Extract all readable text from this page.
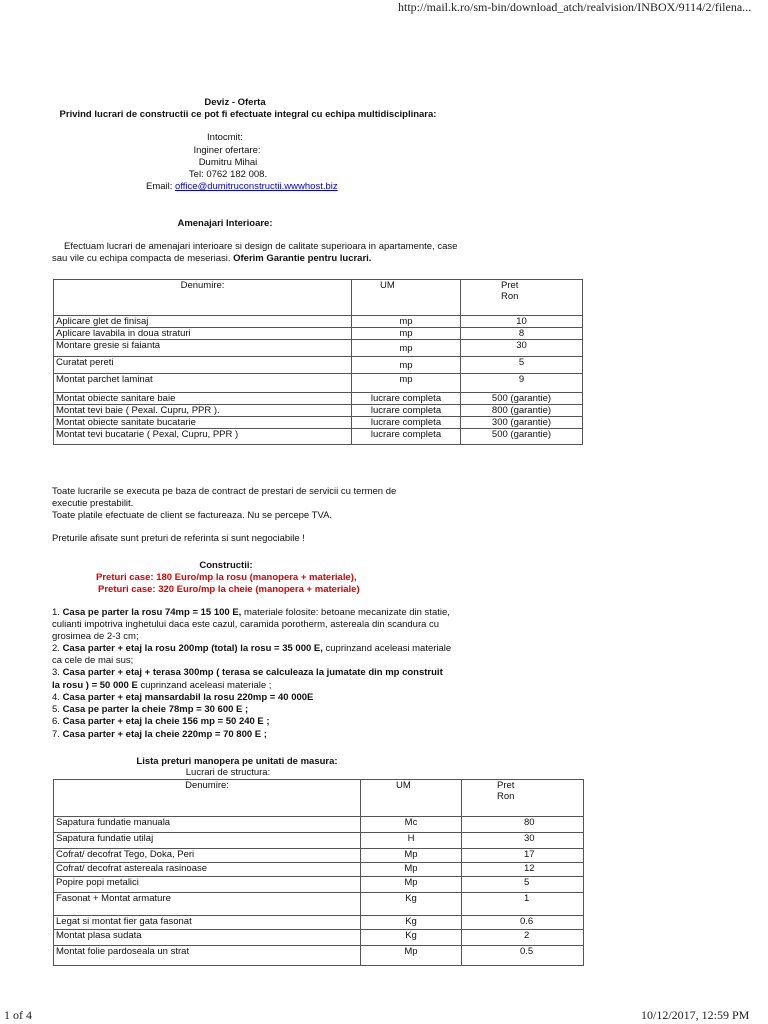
http://mail.k.ro/sm-bin/download_atch/realvision/INBOX/9114/2/filena...
1 of 4	10/12/2017, 12:59 PM
Deviz - Oferta
Privind lucrari de constructii ce pot fi efectuate integral cu echipa multidisciplinara:
Intocmit:
Inginer ofertare:
Dumitru Mihai
Tel: 0762 182 008.
Email: office@dumitruconstructii.wwwhost.biz
Amenajari Interioare:
Efectuam lucrari de amenajari interioare si design de calitate superioara in apartamente, case
sau vile cu echipa compacta de meseriasi. Oferim Garantie pentru lucrari.
Denumire:	UM	Pret
Ron

Aplicare glet de finisaj	mp	10
Aplicare lavabila in doua straturi	mp	8
Montare gresie si faianta	mp	30
Curatat pereti	mp	5
Montat parchet laminat	mp	9
Montat obiecte sanitare baie	lucrare completa	500 (garantie)
Montat tevi baie ( Pexal. Cupru, PPR ).	lucrare completa	800 (garantie)
Montat obiecte sanitate bucatarie	lucrare completa	300 (garantie)
Montat tevi bucatarie ( Pexal, Cupru, PPR )	lucrare completa	500 (garantie)
Toate lucrarile se executa pe baza de contract de prestari de servicii cu termen de
executie prestabilit.
Toate platile efectuate de client se factureaza. Nu se percepe TVA.
Preturile afisate sunt preturi de referinta si sunt negociabile !
Constructii:
Preturi case: 180 Euro/mp la rosu (manopera + materiale),
Preturi case: 320 Euro/mp la cheie (manopera + materiale)
1. Casa pe parter la rosu 74mp = 15 100 E, materiale folosite: betoane mecanizate din statie,
culianti impotriva inghetului daca este cazul, caramida porotherm, astereala din scandura cu
grosimea de 2-3 cm;
2. Casa parter + etaj la rosu 200mp (total) la rosu = 35 000 E, cuprinzand aceleasi materiale
ca cele de mai sus;
3. Casa parter + etaj + terasa 300mp ( terasa se calculeaza la jumatate din mp construit
la rosu ) = 50 000 E cuprinzand aceleasi materiale ;
4. Casa parter + etaj mansardabil la rosu 220mp = 40 000E
5. Casa pe parter la cheie 78mp = 30 600 E ;
6. Casa parter + etaj la cheie 156 mp = 50 240 E ;
7. Casa parter + etaj la cheie 220mp = 70 800 E ;
Lista preturi manopera pe unitati de masura:
Lucrari de structura:
Denumire:	UM	Pret
Ron

Sapatura fundatie manuala	Mc	80
Sapatura fundatie utilaj	H	30
Cofrat/ decofrat Tego, Doka, Peri	Mp	17
Cofrat/ decofrat astereala rasinoase	Mp	12
Popire popi metalici	Mp	5
Fasonat + Montat armature	Kg	1
Legat si montat fier gata fasonat	Kg	0.6
Montat plasa sudata	Kg	2
Montat folie pardoseala un strat	Mp	0.5
